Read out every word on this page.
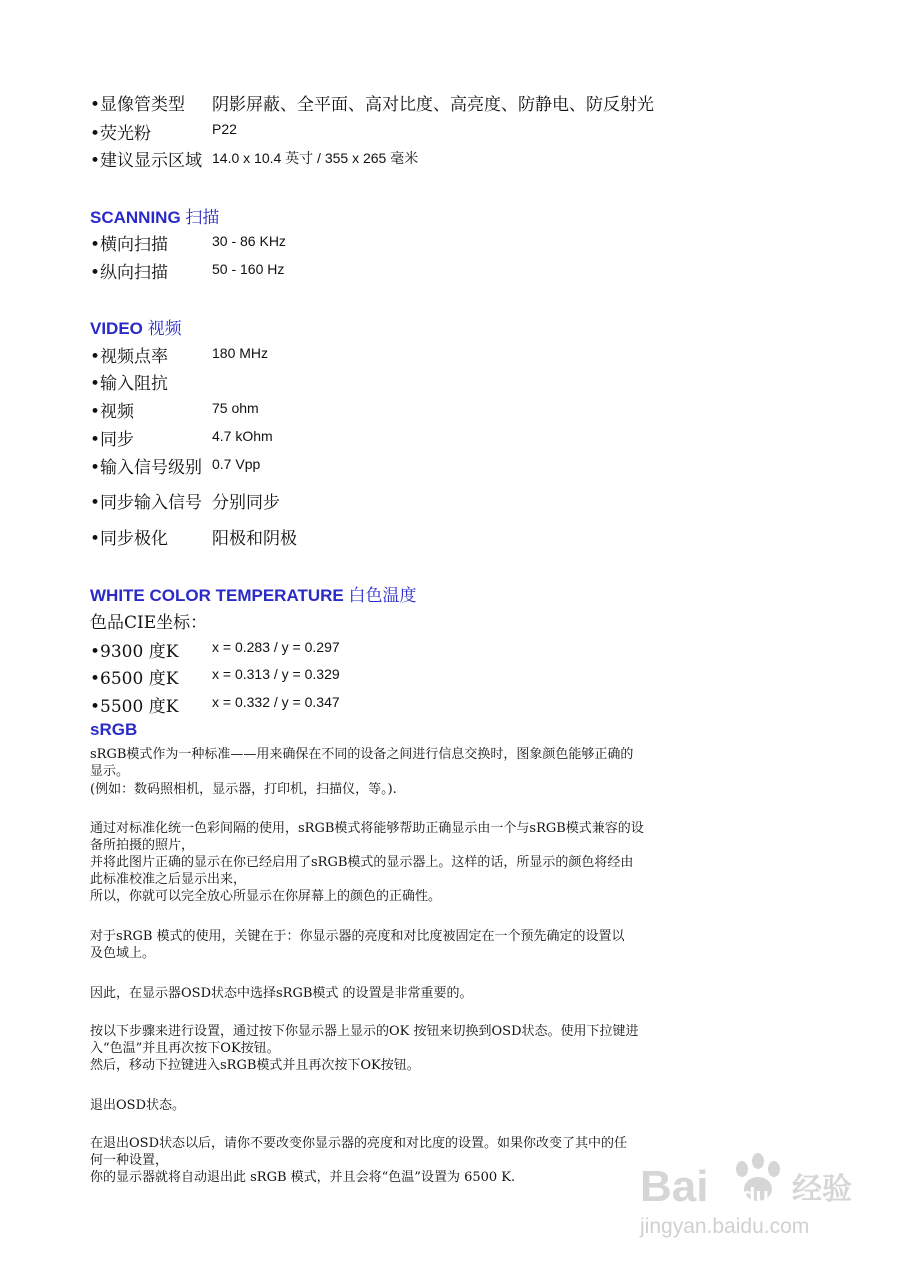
•显像管类型 阴影屏蔽、全平面、高对比度、高亮度、防静电、防反射光
•荧光粉	P22
•建议显示区域 14.0 x 10.4 英寸 / 355 x 265 毫米
SCANNING 扫描
•横向扫描	30 - 86 KHz
•纵向扫描	50 - 160 Hz
VIDEO 视频
•视频点率	180 MHz
•输入阻抗
•视频	75 ohm
•同步	4.7 kOhm
•输入信号级别 0.7 Vpp
•同步输入信号 分别同步
•同步极化	阳极和阴极
WHITE COLOR TEMPERATURE 白色温度
色品CIE坐标：
•9300 度K x = 0.283 / y = 0.297
•6500 度K x = 0.313 / y = 0.329
•5500 度K x = 0.332 / y = 0.347
sRGB
sRGB模式作为一种标准——用来确保在不同的设备之间进行信息交换时，图象颜色能够正确的
显示。
(例如：数码照相机，显示器，打印机，扫描仪，等。).
通过对标准化统一色彩间隔的使用，sRGB模式将能够帮助正确显示由一个与sRGB模式兼容的设
备所拍摄的照片，
并将此图片正确的显示在你已经启用了sRGB模式的显示器上。这样的话，所显示的颜色将经由
此标准校准之后显示出来，
所以，你就可以完全放心所显示在你屏幕上的颜色的正确性。
对于sRGB 模式的使用，关键在于：你显示器的亮度和对比度被固定在一个预先确定的设置以
及色域上。
因此，在显示器OSD状态中选择sRGB模式 的设置是非常重要的。
按以下步骤来进行设置，通过按下你显示器上显示的OK 按钮来切换到OSD状态。使用下拉键进
入“色温”并且再次按下OK按钮。
然后，移动下拉键进入sRGB模式并且再次按下OK按钮。
退出OSD状态。
在退出OSD状态以后，请你不要改变你显示器的亮度和对比度的设置。如果你改变了其中的任
何一种设置，
你的显示器就将自动退出此 sRGB 模式，并且会将“色温”设置为 6500 K.	Bai du 经验
jingyan.baidu.com
